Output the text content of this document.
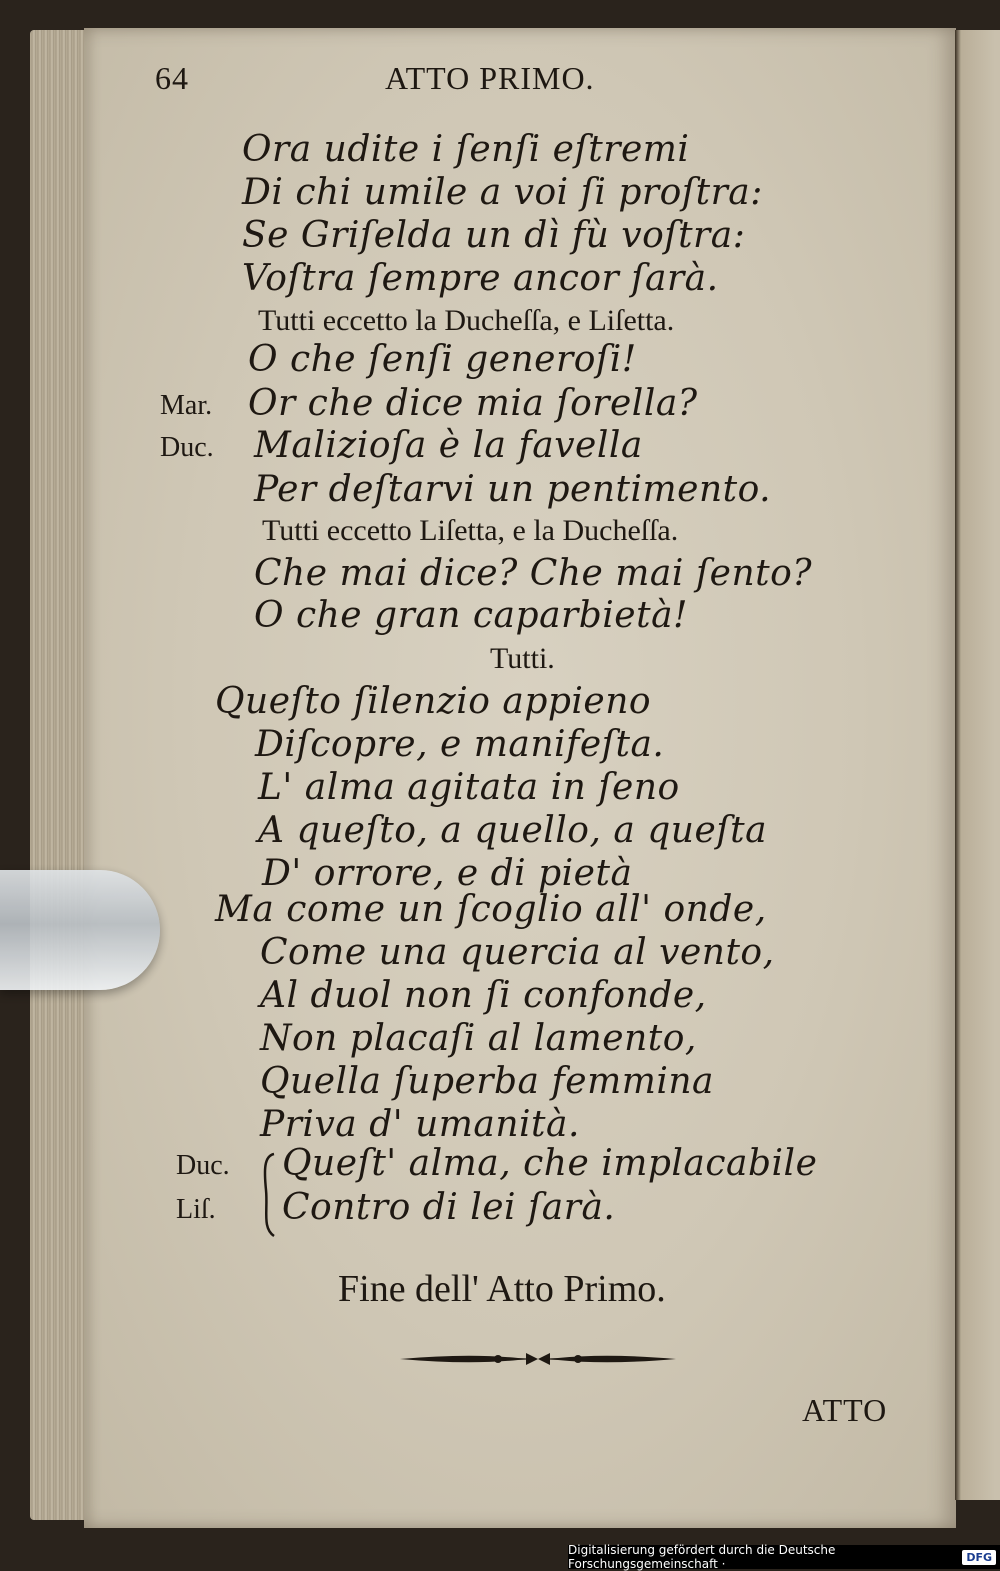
64	ATTO PRIMO.
Ora udite i ſenſi eſtremi
Di chi umile a voi ſi proſtra:
Se Griſelda un dì fù voſtra:
Voſtra ſempre ancor ſarà.
Tutti eccetto la Ducheſſa, e Liſetta.
O che ſenſi generoſi!
Mar. Or che dice mia ſorella?
Duc. Malizioſa è la favella
Per deſtarvi un pentimento.
Tutti eccetto Liſetta, e la Ducheſſa.
Che mai dice? Che mai ſento?
O che gran caparbietà!
Tutti.
Queſto ſilenzio appieno
Diſcopre, e manifeſta.
L' alma agitata in ſeno
A queſto, a quello, a queſta
D' orrore, e di pietà
Ma come un ſcoglio all' onde,
Come una quercia al vento,
Al duol non ſi confonde,
Non placaſi al lamento,
Quella ſuperba femmina
Priva d' umanità.
Duc.
Liſ.
Queſt' alma, che implacabile
Contro di lei ſarà.
Fine dell' Atto Primo.
ATTO
Digitalisierung gefördert durch die Deutsche Forschungsgemeinschaft ·	DFG
